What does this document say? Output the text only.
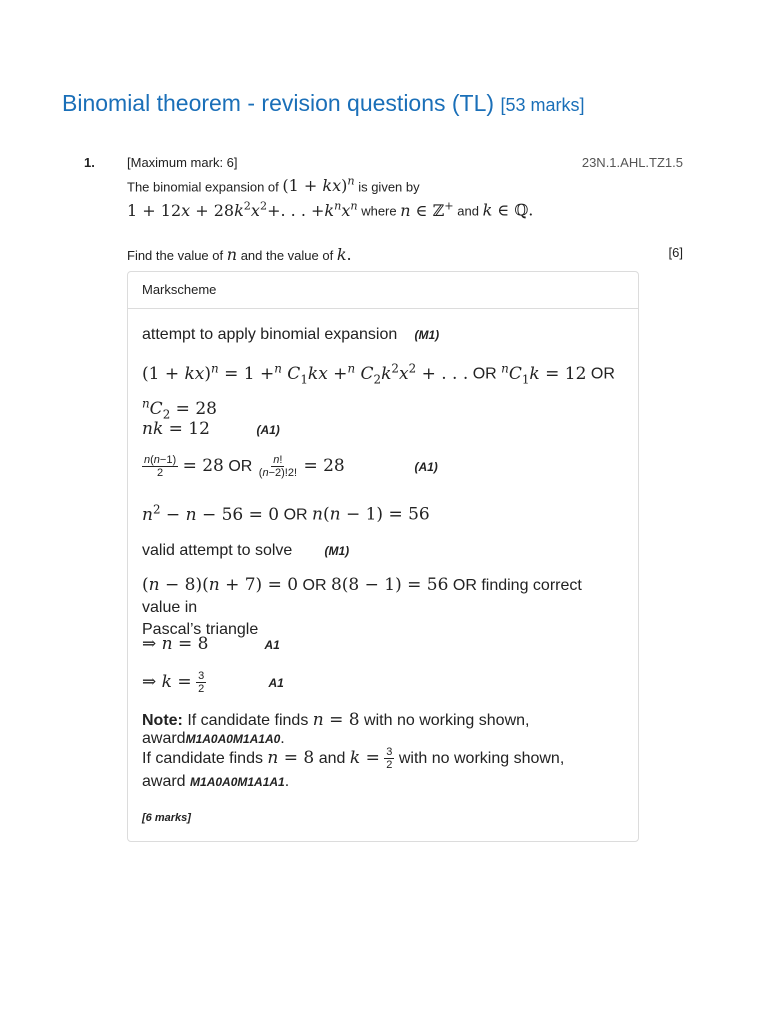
Binomial theorem - revision questions (TL) [53 marks]
1. [Maximum mark: 6]	23N.1.AHL.TZ1.5
The binomial expansion of (1 + kx)$^n$ is given by
$1 + 12x + 28k^2x^2+$. . . $+k^nx^n$ where n ∈ ℤ+ and k ∈ ℚ.
Find the value of n and the value of k.	[6]
Markscheme
attempt to apply binomial expansion (M1)
(1 + kx)$^n$ = 1 +$^n$ $C_1kx +^n$ $C_2k^2x^2$ + . . . OR $^nC_1k = 12$ OR
$^nC_2 = 28$
nk = 12	(A1)
$\frac{n(n-1)}{2} = 28$ OR $\frac{n!}{(n-2)!2!} = 28$	(A1)
$n^2 - n - 56 = 0$ OR n(n − 1) = 56
valid attempt to solve	(M1)
(n − 8)(n + 7) = 0 OR 8(8 − 1) = 56 OR finding correct value in
Pascal’s triangle
⇒ n = 8	A1
⇒ $k = \frac{3}{2}$	A1
Note: If candidate finds n = 8 with no working shown, awardM1A0A0M1A1A0.
If candidate finds n = 8 and $k = \frac{3}{2}$ with no working shown,
award M1A0A0M1A1A1.
[6 marks]
